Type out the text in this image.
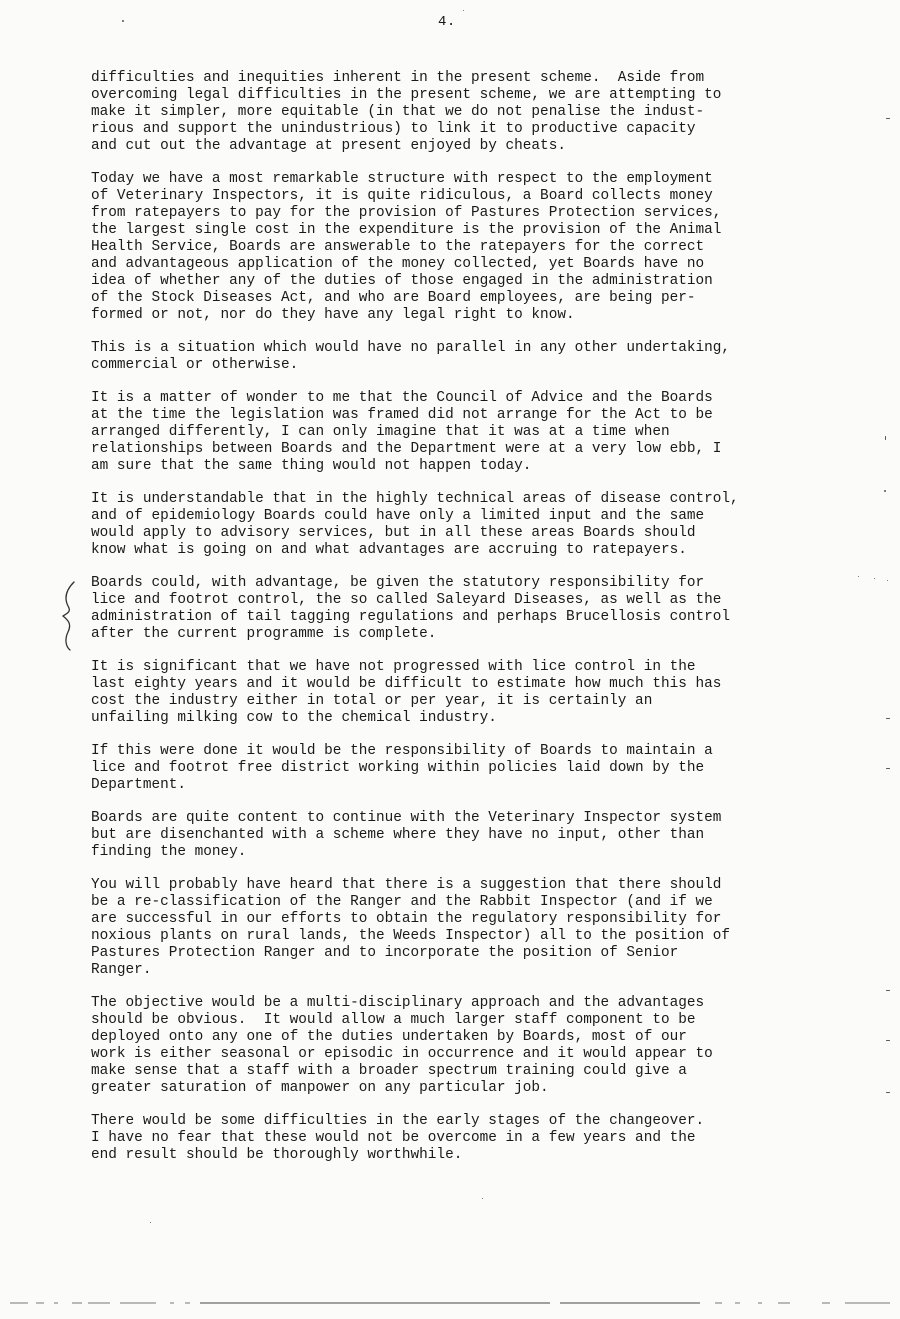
4.

difficulties and inequities inherent in the present scheme.  Aside from
overcoming legal difficulties in the present scheme, we are attempting to
make it simpler, more equitable (in that we do not penalise the indust-
rious and support the unindustrious) to link it to productive capacity
and cut out the advantage at present enjoyed by cheats.

Today we have a most remarkable structure with respect to the employment
of Veterinary Inspectors, it is quite ridiculous, a Board collects money
from ratepayers to pay for the provision of Pastures Protection services,
the largest single cost in the expenditure is the provision of the Animal
Health Service, Boards are answerable to the ratepayers for the correct
and advantageous application of the money collected, yet Boards have no
idea of whether any of the duties of those engaged in the administration
of the Stock Diseases Act, and who are Board employees, are being per-
formed or not, nor do they have any legal right to know.

This is a situation which would have no parallel in any other undertaking,
commercial or otherwise.

It is a matter of wonder to me that the Council of Advice and the Boards
at the time the legislation was framed did not arrange for the Act to be
arranged differently, I can only imagine that it was at a time when
relationships between Boards and the Department were at a very low ebb, I
am sure that the same thing would not happen today.

It is understandable that in the highly technical areas of disease control,
and of epidemiology Boards could have only a limited input and the same
would apply to advisory services, but in all these areas Boards should
know what is going on and what advantages are accruing to ratepayers.

Boards could, with advantage, be given the statutory responsibility for
lice and footrot control, the so called Saleyard Diseases, as well as the
administration of tail tagging regulations and perhaps Brucellosis control
after the current programme is complete.

It is significant that we have not progressed with lice control in the
last eighty years and it would be difficult to estimate how much this has
cost the industry either in total or per year, it is certainly an
unfailing milking cow to the chemical industry.

If this were done it would be the responsibility of Boards to maintain a
lice and footrot free district working within policies laid down by the
Department.

Boards are quite content to continue with the Veterinary Inspector system
but are disenchanted with a scheme where they have no input, other than
finding the money.

You will probably have heard that there is a suggestion that there should
be a re-classification of the Ranger and the Rabbit Inspector (and if we
are successful in our efforts to obtain the regulatory responsibility for
noxious plants on rural lands, the Weeds Inspector) all to the position of
Pastures Protection Ranger and to incorporate the position of Senior
Ranger.

The objective would be a multi-disciplinary approach and the advantages
should be obvious.  It would allow a much larger staff component to be
deployed onto any one of the duties undertaken by Boards, most of our
work is either seasonal or episodic in occurrence and it would appear to
make sense that a staff with a broader spectrum training could give a
greater saturation of manpower on any particular job.

There would be some difficulties in the early stages of the changeover.
I have no fear that these would not be overcome in a few years and the
end result should be thoroughly worthwhile.
